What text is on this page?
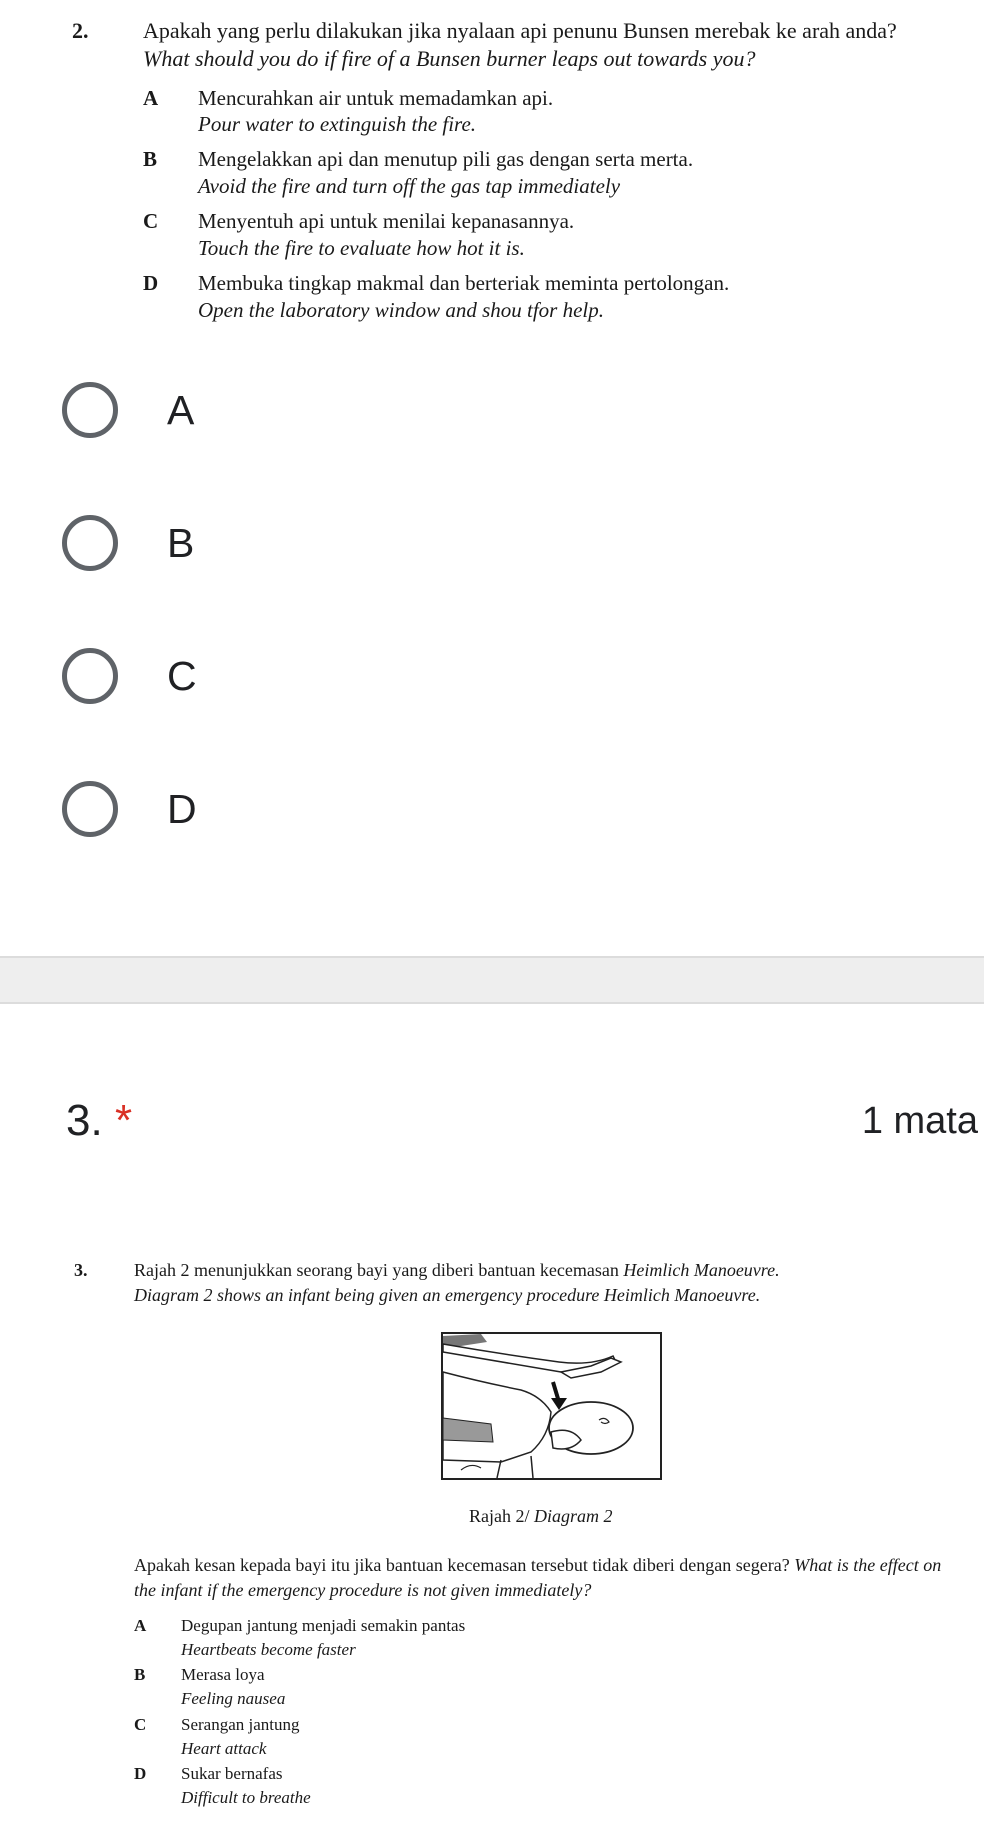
2. Apakah yang perlu dilakukan jika nyalaan api penunu Bunsen merebak ke arah anda?
What should you do if fire of a Bunsen burner leaps out towards you?
A Mencurahkan air untuk memadamkan api.
Pour water to extinguish the fire.
B Mengelakkan api dan menutup pili gas dengan serta merta.
Avoid the fire and turn off the gas tap immediately
C Menyentuh api untuk menilai kepanasannya.
Touch the fire to evaluate how hot it is.
D Membuka tingkap makmal dan berteriak meminta pertolongan.
Open the laboratory window and shou tfor help.
A
B
C
D
3. *	1 mata
3.	Rajah 2 menunjukkan seorang bayi yang diberi bantuan kecemasan Heimlich Manoeuvre.
Diagram 2 shows an infant being given an emergency procedure Heimlich Manoeuvre.
Rajah 2/ Diagram 2
Apakah kesan kepada bayi itu jika bantuan kecemasan tersebut tidak diberi dengan segera? What is the effect on the infant if the emergency procedure is not given immediately?
A Degupan jantung menjadi semakin pantas
Heartbeats become faster
B Merasa loya
Feeling nausea
C Serangan jantung
Heart attack
D Sukar bernafas
Difficult to breathe
